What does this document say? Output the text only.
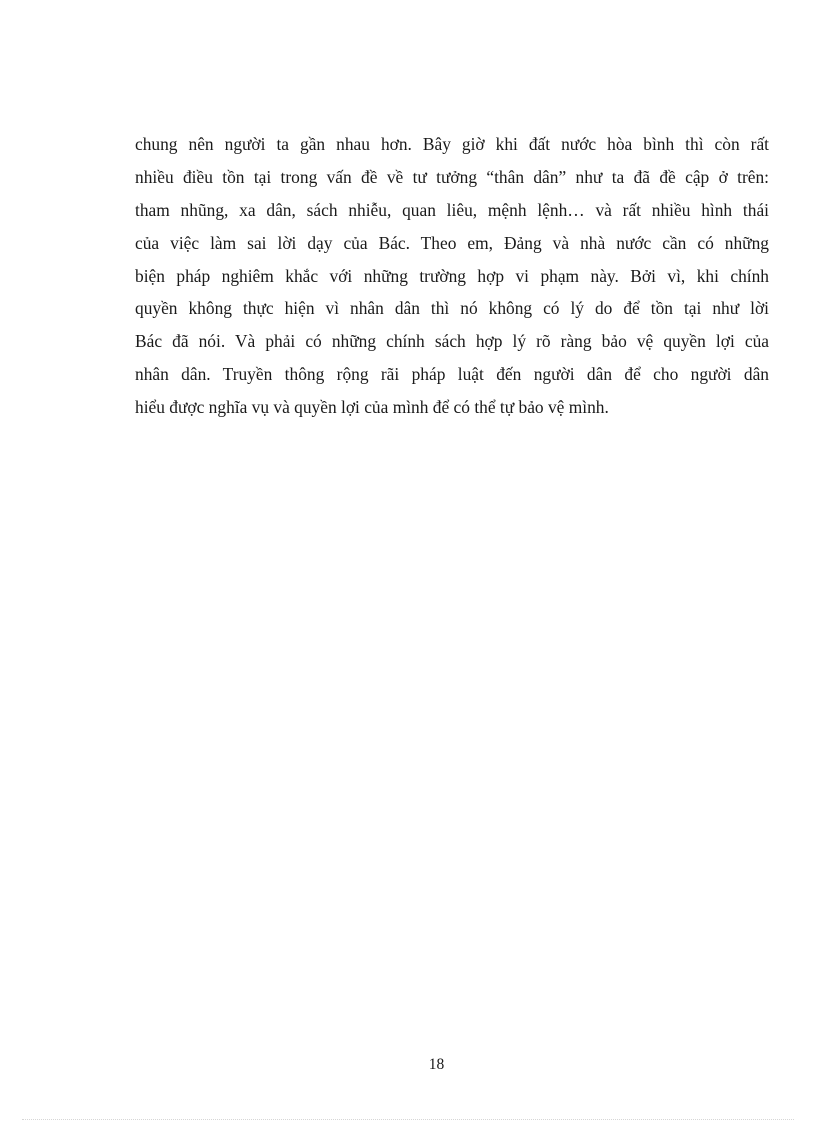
chung nên người ta gần nhau hơn. Bây giờ khi đất nước hòa bình thì còn rất
nhiều điều tồn tại trong vấn đề về tư tưởng “thân dân” như ta đã đề cập ở trên:
tham nhũng, xa dân, sách nhiễu, quan liêu, mệnh lệnh… và rất nhiều hình thái
của việc làm sai lời dạy của Bác. Theo em, Đảng và nhà nước cần có những
biện pháp nghiêm khắc với những trường hợp vi phạm này. Bởi vì, khi chính
quyền không thực hiện vì nhân dân thì nó không có lý do để tồn tại như lời
Bác đã nói. Và phải có những chính sách hợp lý rõ ràng bảo vệ quyền lợi của
nhân dân. Truyền thông rộng rãi pháp luật đến người dân để cho người dân
hiểu được nghĩa vụ và quyền lợi của mình để có thể tự bảo vệ mình.
18
